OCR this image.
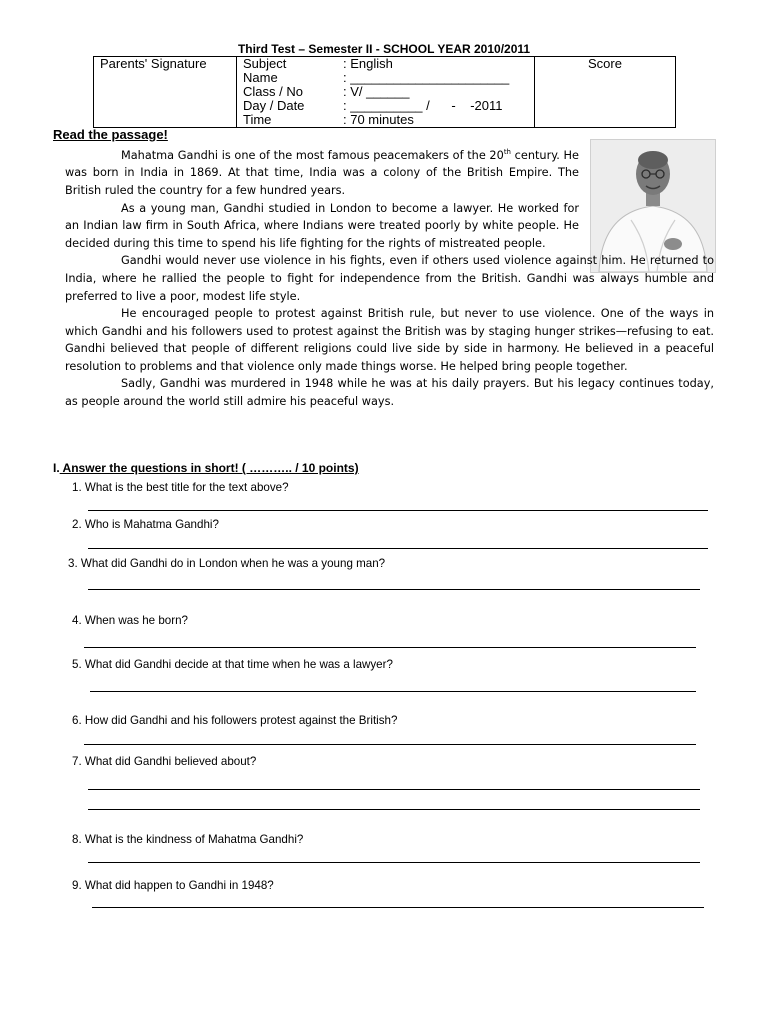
Third Test – Semester II - SCHOOL YEAR 2010/2011
Parents' Signature	Subject	: English
Name	: ______________________
Class / No	: V/ ______
Day / Date	: __________ /      -    -2011
Time	: 70 minutes
	Score
Read the passage!

Mahatma Gandhi is one of the most famous peacemakers of the 20th century. He was born in India in 1869. At that time, India was a colony of the British Empire. The British ruled the country for a few hundred years.

As a young man, Gandhi studied in London to become a lawyer. He worked for an Indian law firm in South Africa, where Indians were treated poorly by white people. He decided during this time to spend his life fighting for the rights of mistreated people.

Gandhi would never use violence in his fights, even if others used violence against him. He returned to India, where he rallied the people to fight for independence from the British. Gandhi was always humble and preferred to live a poor, modest life style.

He encouraged people to protest against British rule, but never to use violence. One of the ways in which Gandhi and his followers used to protest against the British was by staging hunger strikes—refusing to eat. Gandhi believed that people of different religions could live side by side in harmony. He believed in a peaceful resolution to problems and that violence only made things worse. He helped bring people together.

Sadly, Gandhi was murdered in 1948 while he was at his daily prayers. But his legacy continues today, as people around the world still admire his peaceful ways.

I. Answer the questions in short! ( ……….. / 10 points)
1. What is the best title for the text above?
2. Who is Mahatma Gandhi?
3. What did Gandhi do in London when he was a young man?
4. When was he born?
5. What did Gandhi decide at that time when he was a lawyer?
6. How did Gandhi and his followers protest against the British?
7. What did Gandhi believed about?
8. What is the kindness of Mahatma Gandhi?
9. What did happen to Gandhi in 1948?
